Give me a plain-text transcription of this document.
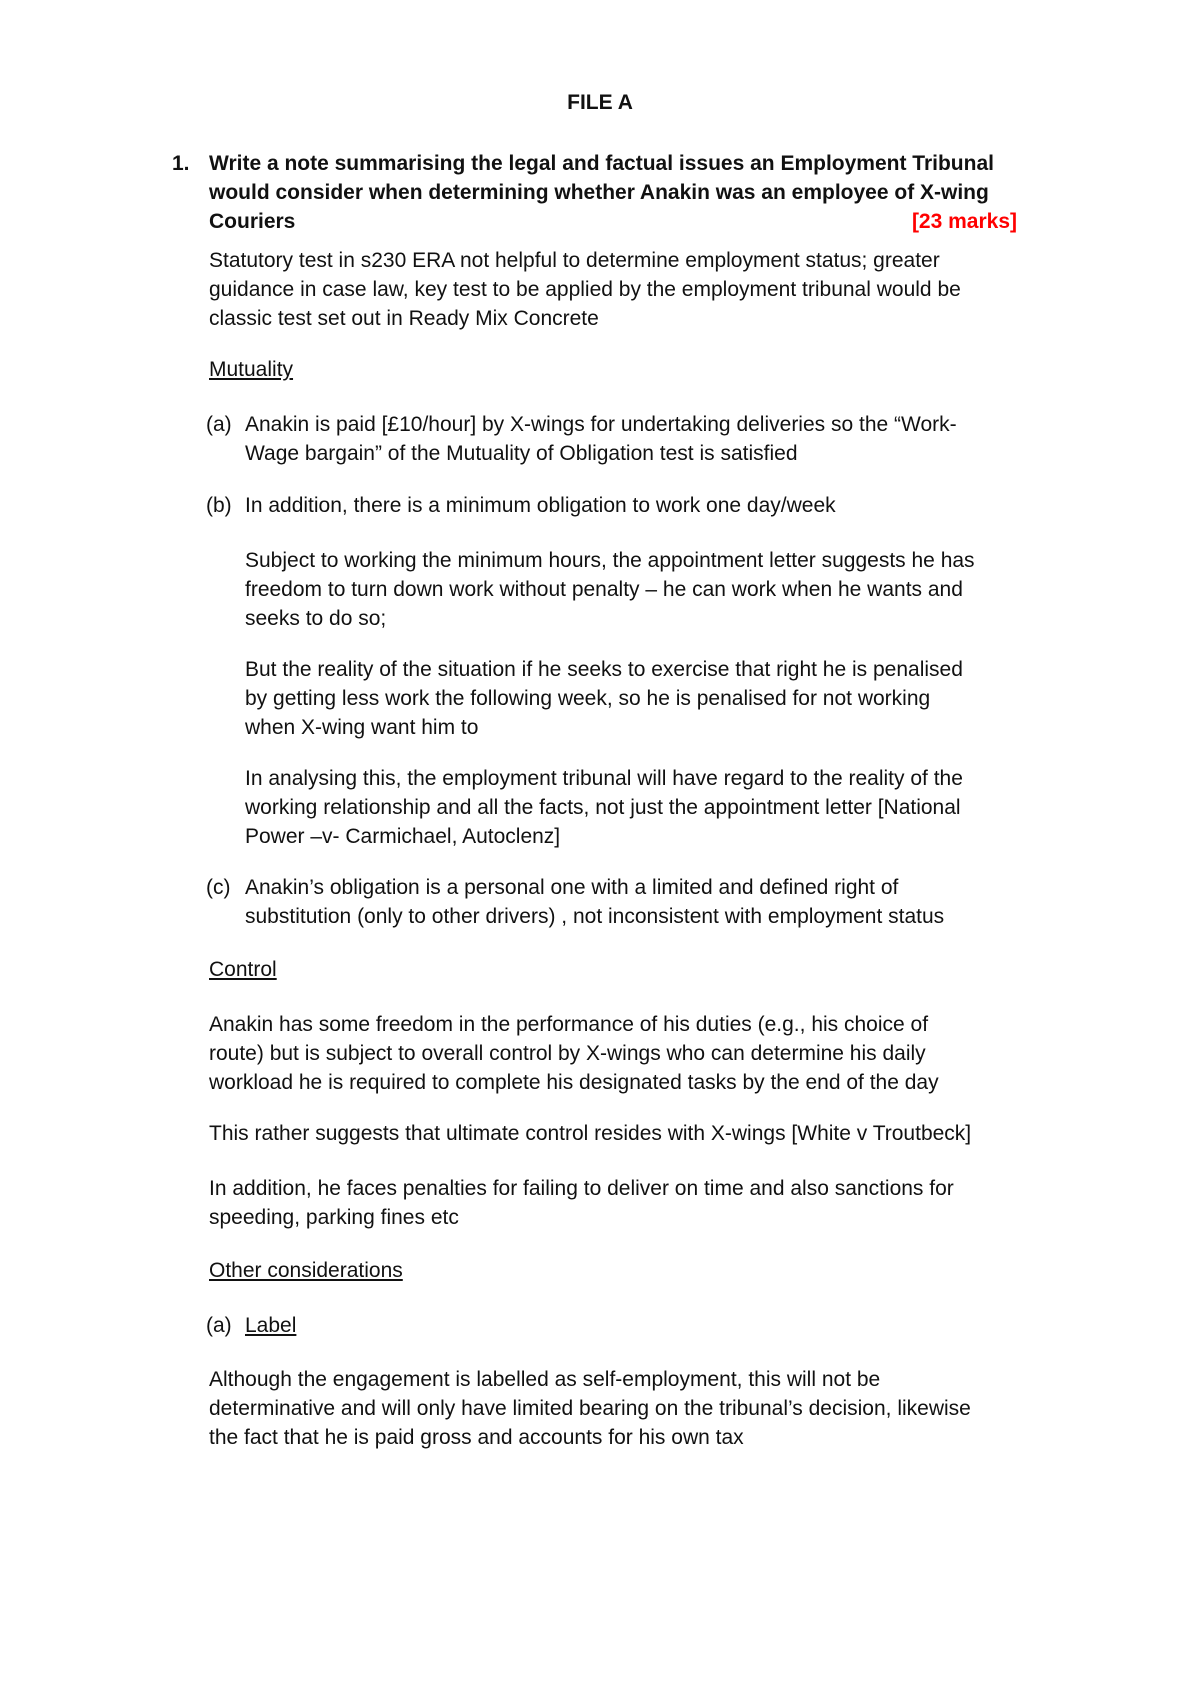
FILE A
1. Write a note summarising the legal and factual issues an Employment Tribunal
would consider when determining whether Anakin was an employee of X-wing
Couriers	[23 marks]
Statutory test in s230 ERA not helpful to determine employment status; greater
guidance in case law, key test to be applied by the employment tribunal would be
classic test set out in Ready Mix Concrete
Mutuality
(a) Anakin is paid [£10/hour] by X-wings for undertaking deliveries so the “Work-
Wage bargain” of the Mutuality of Obligation test is satisfied
(b) In addition, there is a minimum obligation to work one day/week
Subject to working the minimum hours, the appointment letter suggests he has
freedom to turn down work without penalty – he can work when he wants and
seeks to do so;
But the reality of the situation if he seeks to exercise that right he is penalised
by getting less work the following week, so he is penalised for not working
when X-wing want him to
In analysing this, the employment tribunal will have regard to the reality of the
working relationship and all the facts, not just the appointment letter [National
Power –v- Carmichael, Autoclenz]
(c) Anakin’s obligation is a personal one with a limited and defined right of
substitution (only to other drivers) , not inconsistent with employment status
Control
Anakin has some freedom in the performance of his duties (e.g., his choice of
route) but is subject to overall control by X-wings who can determine his daily
workload he is required to complete his designated tasks by the end of the day
This rather suggests that ultimate control resides with X-wings [White v Troutbeck]
In addition, he faces penalties for failing to deliver on time and also sanctions for
speeding, parking fines etc
Other considerations
(a) Label
Although the engagement is labelled as self-employment, this will not be
determinative and will only have limited bearing on the tribunal’s decision, likewise
the fact that he is paid gross and accounts for his own tax
